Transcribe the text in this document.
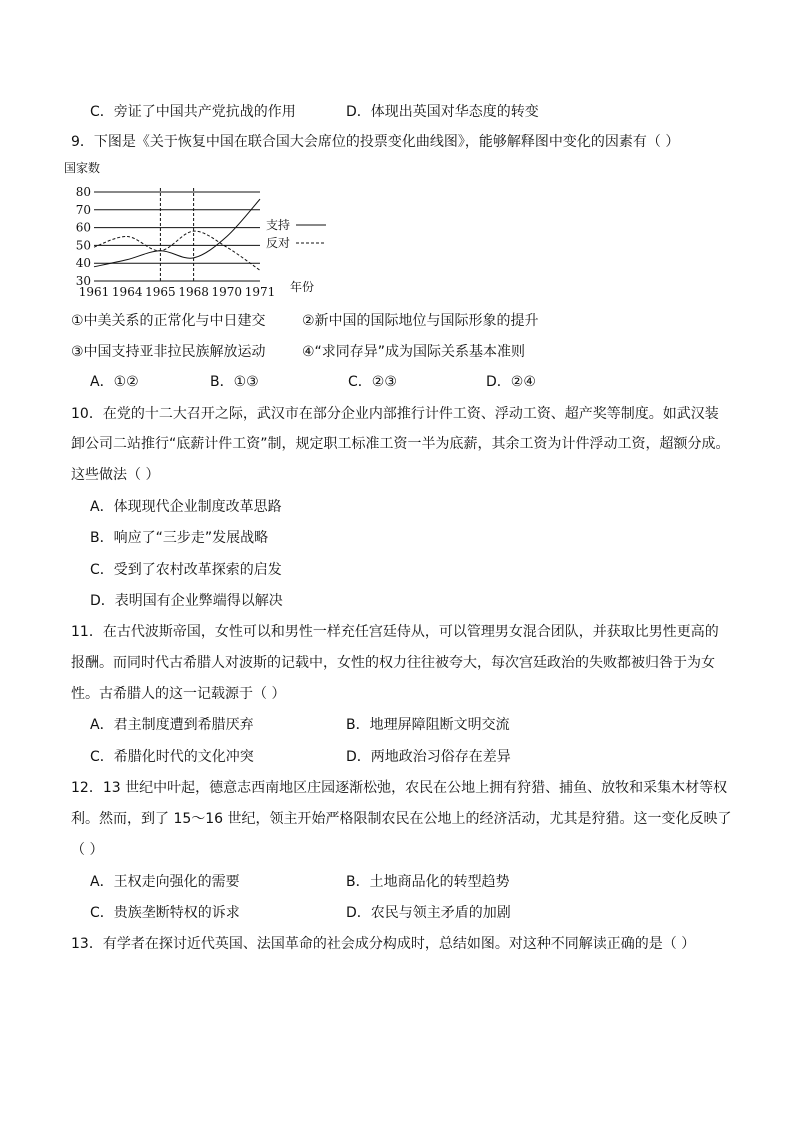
C．旁证了中国共产党抗战的作用	D．体现出英国对华态度的转变
9．下图是《关于恢复中国在联合国大会席位的投票变化曲线图》，能够解释图中变化的因素有（ ）
国家数
30
40
50
60
70
80
1961 1964 1965 1968 1970 1971 年份
支持
反对
①中美关系的正常化与中日建交	②新中国的国际地位与国际形象的提升
③中国支持亚非拉民族解放运动	④“求同存异”成为国际关系基本准则
A．①②	B．①③	C．②③	D．②④
10．在党的十二大召开之际，武汉市在部分企业内部推行计件工资、浮动工资、超产奖等制度。如武汉装
卸公司二站推行“底薪计件工资”制，规定职工标准工资一半为底薪，其余工资为计件浮动工资，超额分成。
这些做法（ ）
A．体现现代企业制度改革思路
B．响应了“三步走”发展战略
C．受到了农村改革探索的启发
D．表明国有企业弊端得以解决
11．在古代波斯帝国，女性可以和男性一样充任宫廷侍从，可以管理男女混合团队，并获取比男性更高的
报酬。而同时代古希腊人对波斯的记载中，女性的权力往往被夸大，每次宫廷政治的失败都被归咎于为女
性。古希腊人的这一记载源于（ ）
A．君主制度遭到希腊厌弃	B．地理屏障阻断文明交流
C．希腊化时代的文化冲突	D．两地政治习俗存在差异
12．13 世纪中叶起，德意志西南地区庄园逐渐松弛，农民在公地上拥有狩猎、捕鱼、放牧和采集木材等权
利。然而，到了 15～16 世纪，领主开始严格限制农民在公地上的经济活动，尤其是狩猎。这一变化反映了
（ ）
A．王权走向强化的需要	B．土地商品化的转型趋势
C．贵族垄断特权的诉求	D．农民与领主矛盾的加剧
13．有学者在探讨近代英国、法国革命的社会成分构成时，总结如图。对这种不同解读正确的是（ ）
